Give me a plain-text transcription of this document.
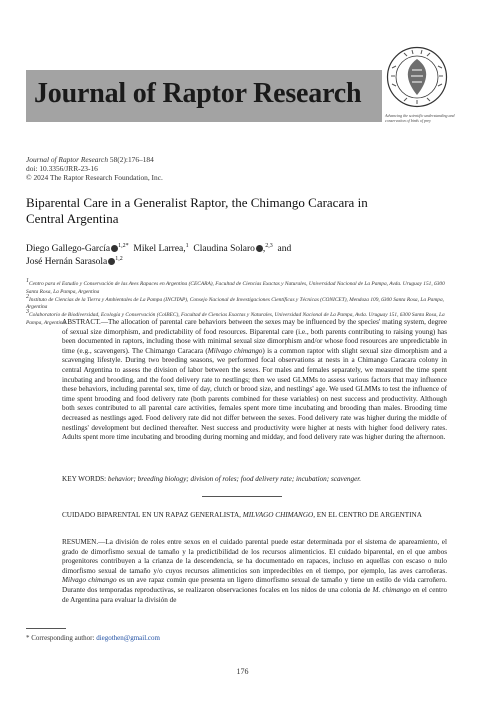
Journal of Raptor Research
Advancing the scientific understanding and conservation of birds of prey
Journal of Raptor Research 58(2):176–184
doi: 10.3356/JRR-23-16
© 2024 The Raptor Research Foundation, Inc.
Biparental Care in a Generalist Raptor, the Chimango Caracara in
Central Argentina
Diego Gallego-García $^{1,2*}$ Mikel Larrea,$^1$ Claudina Solaro ,$^{2,3}$ and
José Hernán Sarasola $^{1,2}$

$^1$Centro para el Estudio y Conservación de las Aves Rapaces en Argentina (CECARA), Facultad de Ciencias Exactas y Naturales, Universidad Nacional de La Pampa, Avda. Uruguay 151, 6300 Santa Rosa, La Pampa, Argentina

$^2$Instituto de Ciencias de la Tierra y Ambientales de La Pampa (INCITAP), Consejo Nacional de Investigaciones Científicas y Técnicas (CONICET), Mendoza 109, 6300 Santa Rosa, La Pampa, Argentina

$^3$Colaboratorio de Biodiversidad, Ecología y Conservación (ColBEC), Facultad de Ciencias Exactas y Naturales, Universidad Nacional de La Pampa, Avda. Uruguay 151, 6300 Santa Rosa, La Pampa, Argentina

ABSTRACT.—The allocation of parental care behaviors between the sexes may be influenced by the species' mating system, degree of sexual size dimorphism, and predictability of food resources. Biparental care (i.e., both parents contributing to raising young) has been documented in raptors, including those with minimal sexual size dimorphism and/or whose food resources are unpredictable in time (e.g., scavengers). The Chimango Caracara (Milvago chimango) is a common raptor with slight sexual size dimorphism and a scavenging lifestyle. During two breeding seasons, we performed focal observations at nests in a Chimango Caracara colony in central Argentina to assess the division of labor between the sexes. For males and females separately, we measured the time spent incubating and brooding, and the food delivery rate to nestlings; then we used GLMMs to assess various factors that may influence these behaviors, including parental sex, time of day, clutch or brood size, and nestlings' age. We used GLMMs to test the influence of time spent brooding and food delivery rate (both parents combined for these variables) on nest success and productivity. Although both sexes contributed to all parental care activities, females spent more time incubating and brooding than males. Brooding time decreased as nestlings aged. Food delivery rate did not differ between the sexes. Food delivery rate was higher during the middle of nestlings' development but declined thereafter. Nest success and productivity were higher at nests with higher food delivery rates. Adults spent more time incubating and brooding during morning and midday, and food delivery rate was higher during the afternoon.
KEY WORDS: behavior; breeding biology; division of roles; food delivery rate; incubation; scavenger.
CUIDADO BIPARENTAL EN UN RAPAZ GENERALISTA, MILVAGO CHIMANGO, EN EL CENTRO DE ARGENTINA
RESUMEN.—La división de roles entre sexos en el cuidado parental puede estar determinada por el sistema de apareamiento, el grado de dimorfismo sexual de tamaño y la predictibilidad de los recursos alimenticios. El cuidado biparental, en el que ambos progenitores contribuyen a la crianza de la descendencia, se ha documentado en rapaces, incluso en aquellas con escaso o nulo dimorfismo sexual de tamaño y/o cuyos recursos alimenticios son impredecibles en el tiempo, por ejemplo, las aves carroñeras. Milvago chimango es un ave rapaz común que presenta un ligero dimorfismo sexual de tamaño y tiene un estilo de vida carroñero. Durante dos temporadas reproductivas, se realizaron observaciones focales en los nidos de una colonia de M. chimango en el centro de Argentina para evaluar la división de
* Corresponding author: diegothen@gmail.com
176
